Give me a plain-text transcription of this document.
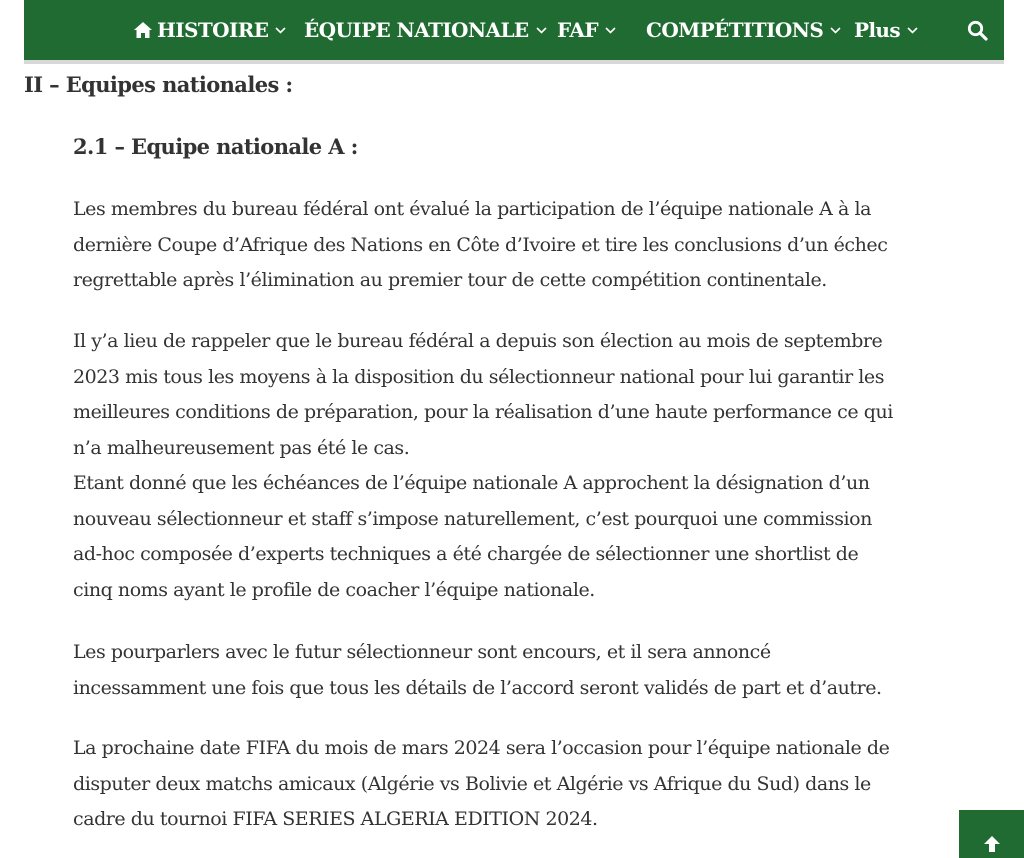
HISTOIRE ÉQUIPE NATIONALE FAF COMPÉTITIONS Plus
II – Equipes nationales :
2.1 – Equipe nationale A :
Les membres du bureau fédéral ont évalué la participation de l’équipe nationale A à la
dernière Coupe d’Afrique des Nations en Côte d’Ivoire et tire les conclusions d’un échec
regrettable après l’élimination au premier tour de cette compétition continentale.
Il y’a lieu de rappeler que le bureau fédéral a depuis son élection au mois de septembre
2023 mis tous les moyens à la disposition du sélectionneur national pour lui garantir les
meilleures conditions de préparation, pour la réalisation d’une haute performance ce qui
n’a malheureusement pas été le cas.
Etant donné que les échéances de l’équipe nationale A approchent la désignation d’un
nouveau sélectionneur et staff s’impose naturellement, c’est pourquoi une commission
ad-hoc composée d’experts techniques a été chargée de sélectionner une shortlist de
cinq noms ayant le profile de coacher l’équipe nationale.
Les pourparlers avec le futur sélectionneur sont encours, et il sera annoncé
incessamment une fois que tous les détails de l’accord seront validés de part et d’autre.
La prochaine date FIFA du mois de mars 2024 sera l’occasion pour l’équipe nationale de
disputer deux matchs amicaux (Algérie vs Bolivie et Algérie vs Afrique du Sud) dans le
cadre du tournoi FIFA SERIES ALGERIA EDITION 2024.
